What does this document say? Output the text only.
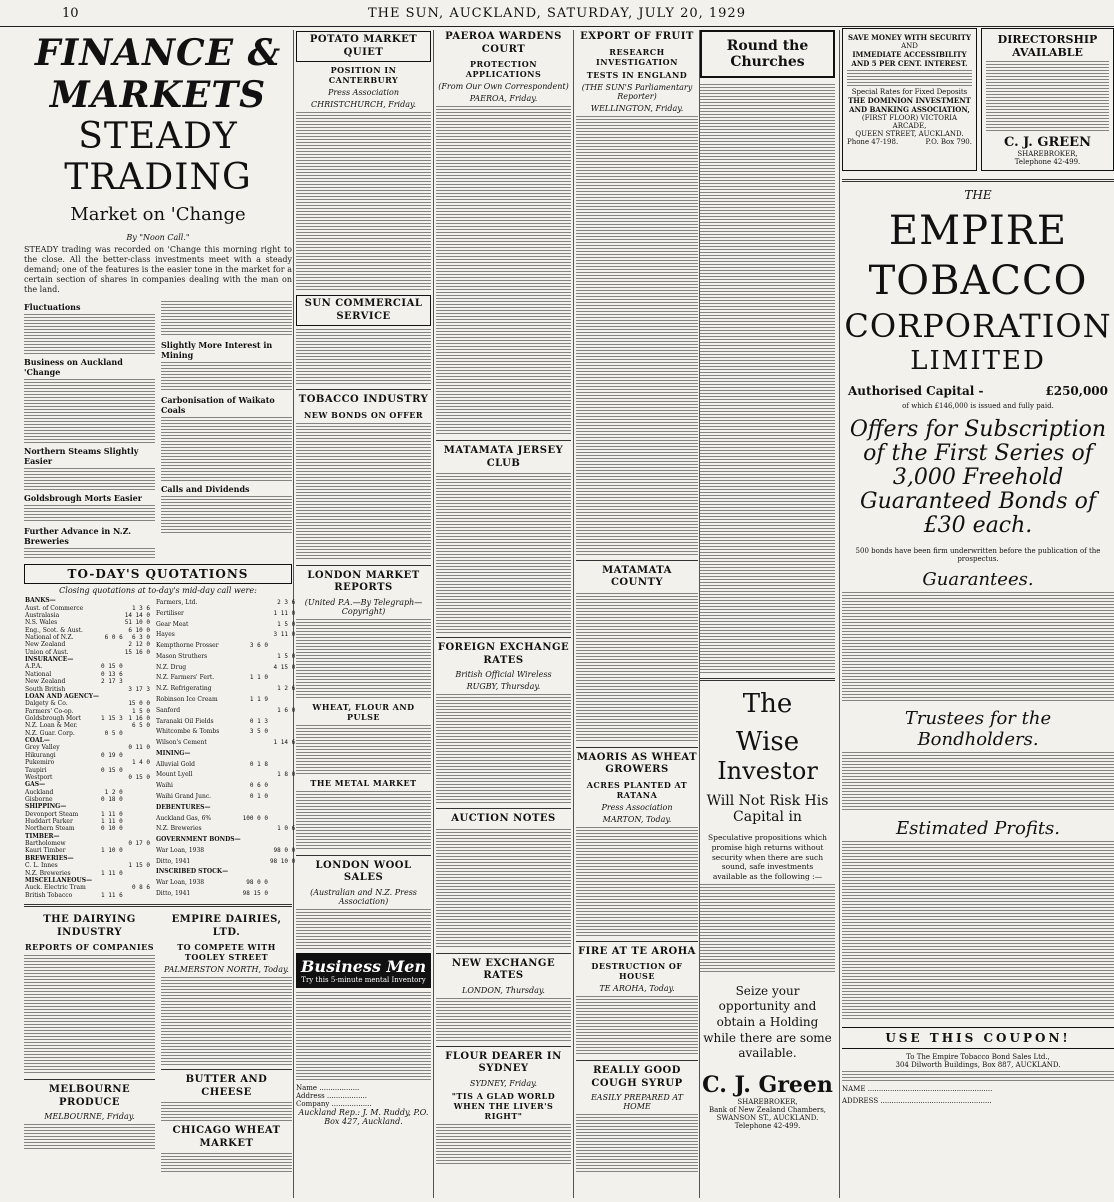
10	THE SUN, AUCKLAND, SATURDAY, JULY 20, 1929
FINANCE & MARKETS
STEADY TRADING
Market on 'Change
By "Noon Call."

STEADY trading was recorded on 'Change this morning right to the close. All the better-class investments meet with a steady demand; one of the features is the easier tone in the market for a certain section of shares in companies dealing with the man on the land.

Fluctuations
Business on Auckland 'Change
Northern Steams Slightly Easier
Goldsbrough Morts Easier
Further Advance in N.Z. Breweries
Slightly More Interest in Mining
Carbonisation of Waikato Coals
Calls and Dividends
TO-DAY'S QUOTATIONS
Closing quotations at to-day's mid-day call were:
BANKS—		
Aust. of Commerce		1 3 6
Australasia		14 14 0
N.S. Wales		51 10 0
Eng., Scot. & Aust.		6 10 0
National of N.Z.	6 0 6	6 3 0
New Zealand		2 12 0
Union of Aust.		15 16 0
INSURANCE—		
A.P.A.	0 15 0	
National	0 13 6	
New Zealand	2 17 3	
South British		3 17 3
LOAN AND AGENCY—		
Dalgety & Co.		15 0 0
Farmers' Co-op.		1 5 0
Goldsbrough Mort	1 15 3	1 16 0
N.Z. Loan & Mer.		6 5 0
N.Z. Guar. Corp.	0 5 0	
COAL—		
Grey Valley		0 11 0
Hikurangi	0 19 0	
Pukemiro		1 4 0
Taupiri	0 15 0	
Westport		0 15 0
GAS—		
Auckland	1 2 0	
Gisborne	0 18 0	
SHIPPING—		
Devonport Steam	1 11 0	
Huddart Parker	1 11 0	
Northern Steam	0 10 0	
TIMBER—		
Bartholomew		0 17 0
Kauri Timber	1 10 0	
BREWERIES—		
C. L. Innes		1 15 0
N.Z. Breweries	1 11 0	
MISCELLANEOUS—		
Auck. Electric Tram		0 8 6
British Tobacco	1 11 6	
Farmers, Ltd.		2 3 6
Fertiliser		1 11 0
Gear Meat		1 5 0
Hayes		3 11 0
Kempthorne Prosser	3 6 0	
Mason Struthers		1 5 0
N.Z. Drug		4 15 0
N.Z. Farmers' Fert.	1 1 0	
N.Z. Refrigerating		1 2 6
Robinson Ice Cream	1 1 9	
Sanford		1 6 0
Taranaki Oil Fields	0 1 3	
Whitcombe & Tombs	3 5 0	
Wilson's Cement		1 14 6
MINING—		
Alluvial Gold	0 1 8	
Mount Lyell		1 8 0
Waihi	0 6 0	
Waihi Grand Junc.	0 1 0	
DEBENTURES—		
Auckland Gas, 6%	100 0 0	
N.Z. Breweries		1 0 6
GOVERNMENT BONDS—		
War Loan, 1938		98 0 0
Ditto, 1941		98 10 0
INSCRIBED STOCK—		
War Loan, 1938	98 0 0	
Ditto, 1941	98 15 0	
THE DAIRYING INDUSTRY
REPORTS OF COMPANIES
MELBOURNE PRODUCE
MELBOURNE, Friday.
EMPIRE DAIRIES, LTD.
TO COMPETE WITH TOOLEY STREET
PALMERSTON NORTH, Today.
BUTTER AND CHEESE
CHICAGO WHEAT MARKET
POTATO MARKET QUIET
POSITION IN CANTERBURY
Press Association
CHRISTCHURCH, Friday.
SUN COMMERCIAL SERVICE
TOBACCO INDUSTRY
NEW BONDS ON OFFER
LONDON MARKET REPORTS
(United P.A.—By Telegraph—Copyright)
WHEAT, FLOUR AND PULSE
THE METAL MARKET
LONDON WOOL SALES
(Australian and N.Z. Press Association)
Business Men
Try this 5-minute mental Inventory
Name ..................
Address ..................
Company ..................
Auckland Rep.: J. M. Ruddy, P.O. Box 427, Auckland.
PAEROA WARDENS COURT
PROTECTION APPLICATIONS
(From Our Own Correspondent)
PAEROA, Friday.
MATAMATA JERSEY CLUB
FOREIGN EXCHANGE RATES
British Official Wireless
RUGBY, Thursday.
AUCTION NOTES
NEW EXCHANGE RATES
LONDON, Thursday.
FLOUR DEARER IN SYDNEY
SYDNEY, Friday.
"TIS A GLAD WORLD WHEN THE LIVER'S RIGHT"
EXPORT OF FRUIT
RESEARCH INVESTIGATION
TESTS IN ENGLAND
(THE SUN'S Parliamentary Reporter)
WELLINGTON, Friday.
MATAMATA COUNTY
MAORIS AS WHEAT GROWERS
ACRES PLANTED AT RATANA
Press Association
MARTON, Today.
FIRE AT TE AROHA
DESTRUCTION OF HOUSE
TE AROHA, Today.
REALLY GOOD COUGH SYRUP
EASILY PREPARED AT HOME
Round the Churches
The
Wise
Investor
Will Not Risk His Capital in
Speculative propositions which promise high returns without security when there are such sound, safe investments available as the following :—
Seize your opportunity and obtain a Holding while there are some available.
C. J. Green
SHAREBROKER,
Bank of New Zealand Chambers, SWANSON ST., AUCKLAND.
Telephone 42-499.
SAVE MONEY WITH SECURITY
AND
IMMEDIATE ACCESSIBILITY AND 5 PER CENT. INTEREST.
Special Rates for Fixed Deposits
THE DOMINION INVESTMENT AND BANKING ASSOCIATION,
(FIRST FLOOR) VICTORIA ARCADE,
QUEEN STREET, AUCKLAND.
Phone 47-198.	P.O. Box 790.
DIRECTORSHIP AVAILABLE
C. J. GREEN
SHAREBROKER,
Telephone 42-499.
THE
EMPIRE
TOBACCO
CORPORATION
LIMITED
Authorised Capital -	£250,000
of which £146,000 is issued and fully paid.
Offers for Subscription of the First Series of 3,000 Freehold Guaranteed Bonds of £30 each.
500 bonds have been firm underwritten before the publication of the prospectus.
Guarantees.
Trustees for the Bondholders.
Estimated Profits.
USE THIS COUPON!
To The Empire Tobacco Bond Sales Ltd.,
304 Dilworth Buildings, Box 887, AUCKLAND.
NAME ........................................................
ADDRESS ..................................................
